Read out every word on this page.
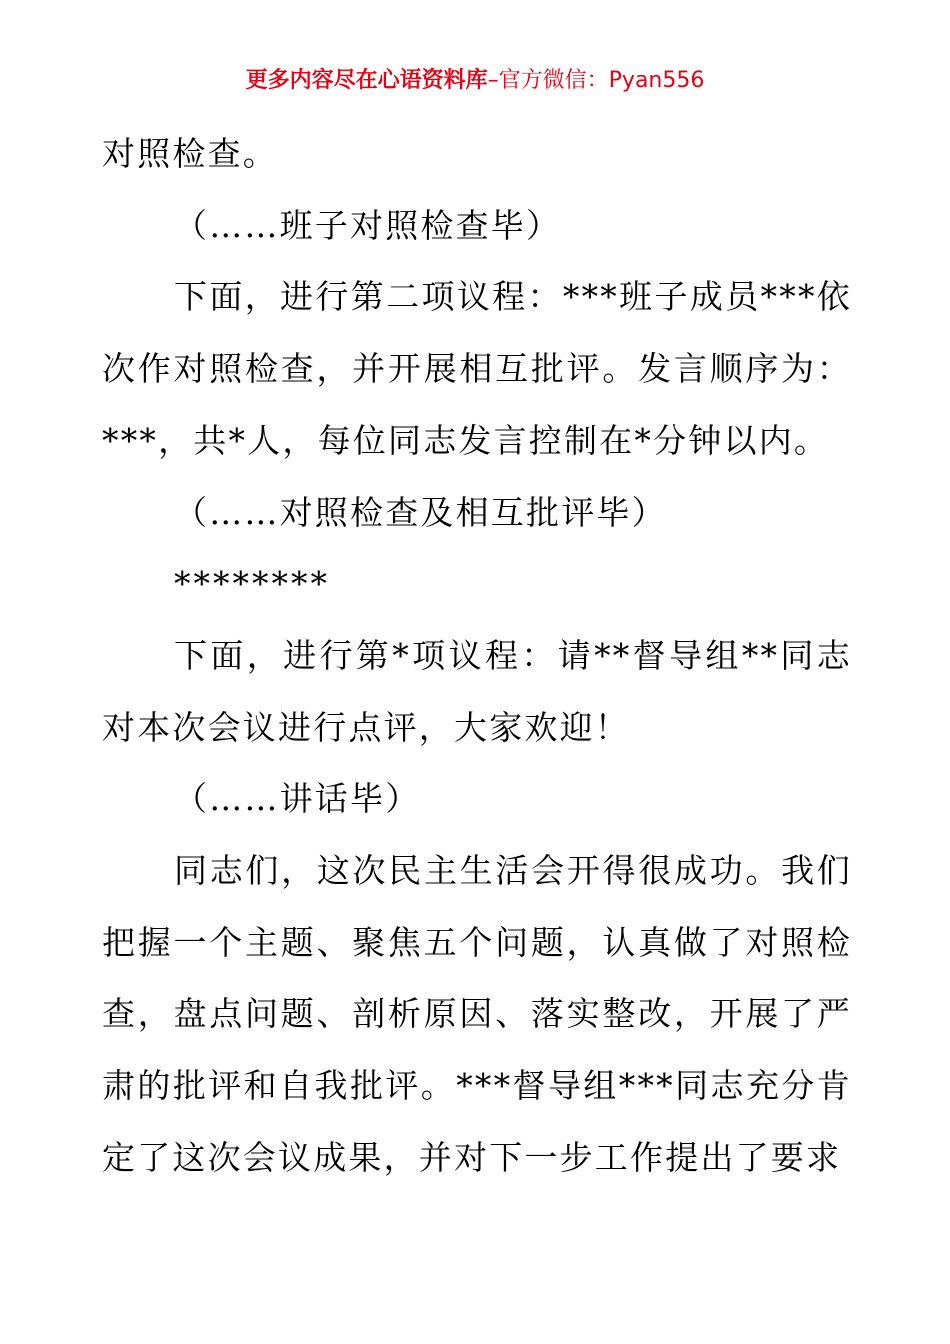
更多内容尽在心语资料库–官方微信：Pyan556

对照检查。

（……班子对照检查毕）

下面，进行第二项议程：***班子成员***依次作对照检查，并开展相互批评。发言顺序为：***，共*人，每位同志发言控制在*分钟以内。

（……对照检查及相互批评毕）

********

下面，进行第*项议程：请**督导组**同志对本次会议进行点评，大家欢迎！

（……讲话毕）

同志们，这次民主生活会开得很成功。我们把握一个主题、聚焦五个问题，认真做了对照检查，盘点问题、剖析原因、落实整改，开展了严肃的批评和自我批评。***督导组***同志充分肯定了这次会议成果，并对下一步工作提出了要求
